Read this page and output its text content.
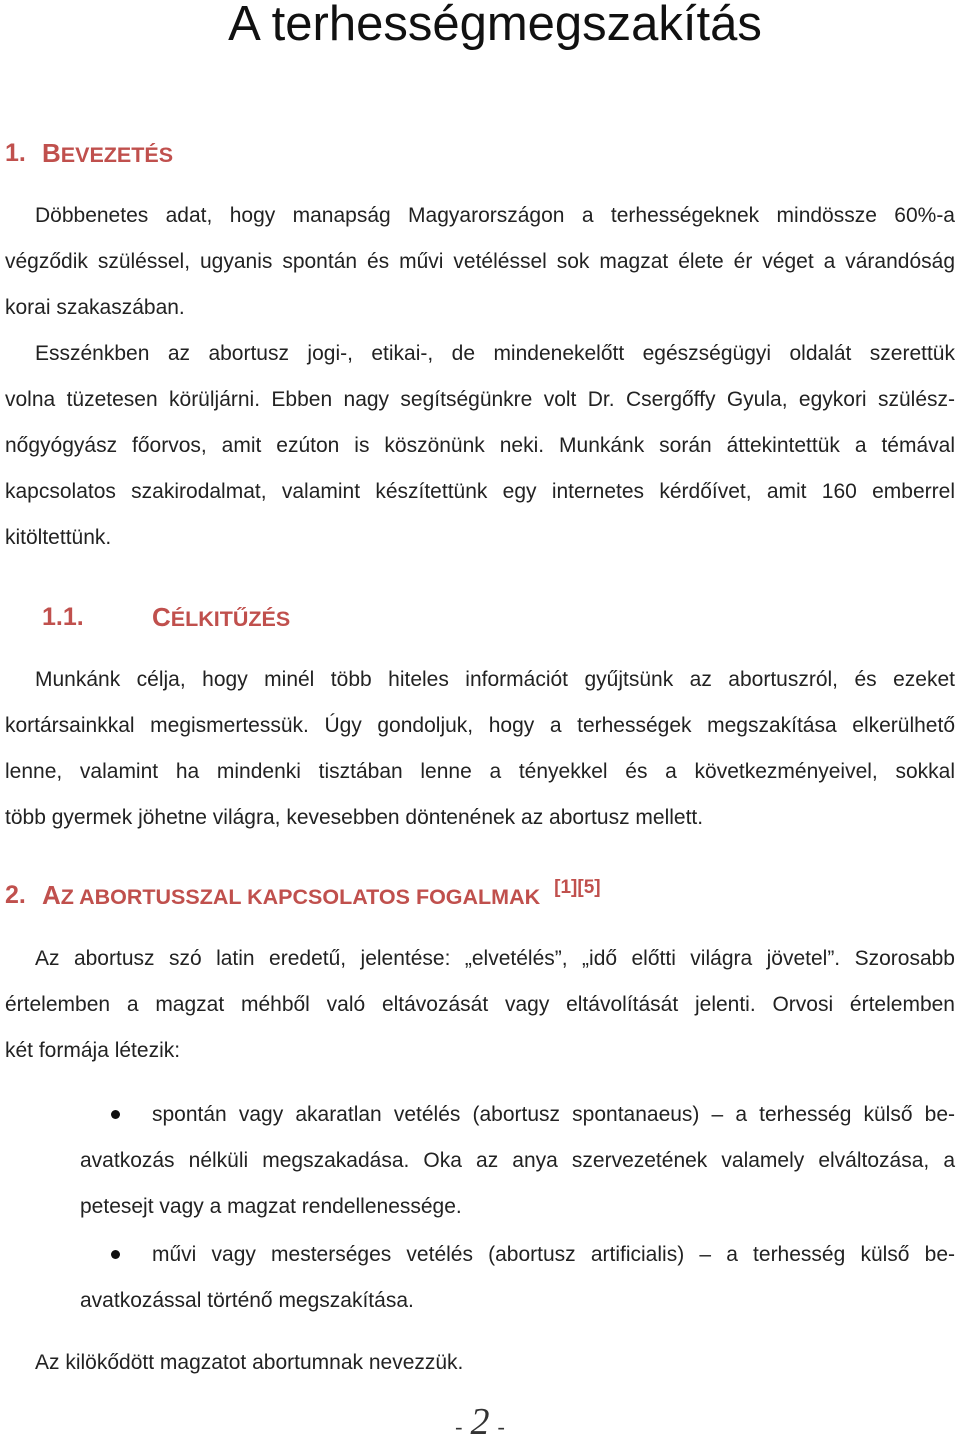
A terhességmegszakítás
1. BEVEZETÉS
Döbbenetes adat, hogy manapság Magyarországon a terhességeknek mindössze 60%-a
végződik szüléssel, ugyanis spontán és művi vetéléssel sok magzat élete ér véget a várandóság
korai szakaszában.
Esszénkben az abortusz jogi-, etikai-, de mindenekelőtt egészségügyi oldalát szerettük
volna tüzetesen körüljárni. Ebben nagy segítségünkre volt Dr. Csergőffy Gyula, egykori szülész-
nőgyógyász főorvos, amit ezúton is köszönünk neki. Munkánk során áttekintettük a témával
kapcsolatos szakirodalmat, valamint készítettünk egy internetes kérdőívet, amit 160 emberrel
kitöltettünk.
1.1.	CÉLKITŰZÉS
Munkánk célja, hogy minél több hiteles információt gyűjtsünk az abortuszról, és ezeket
kortársainkkal megismertessük. Úgy gondoljuk, hogy a terhességek megszakítása elkerülhető
lenne, valamint ha mindenki tisztában lenne a tényekkel és a következményeivel, sokkal
több gyermek jöhetne világra, kevesebben döntenének az abortusz mellett.
2. AZ ABORTUSSZAL KAPCSOLATOS FOGALMAK [1][5]
Az abortusz szó latin eredetű, jelentése: „elvetélés”, „idő előtti világra jövetel”. Szorosabb
értelemben a magzat méhből való eltávozását vagy eltávolítását jelenti. Orvosi értelemben
két formája létezik:
spontán vagy akaratlan vetélés (abortusz spontanaeus) – a terhesség külső be-
avatkozás nélküli megszakadása. Oka az anya szervezetének valamely elváltozása, a
petesejt vagy a magzat rendellenessége.
művi vagy mesterséges vetélés (abortusz artificialis) – a terhesség külső be-
avatkozással történő megszakítása.
Az kilökődött magzatot abortumnak nevezzük.
- 2 -
